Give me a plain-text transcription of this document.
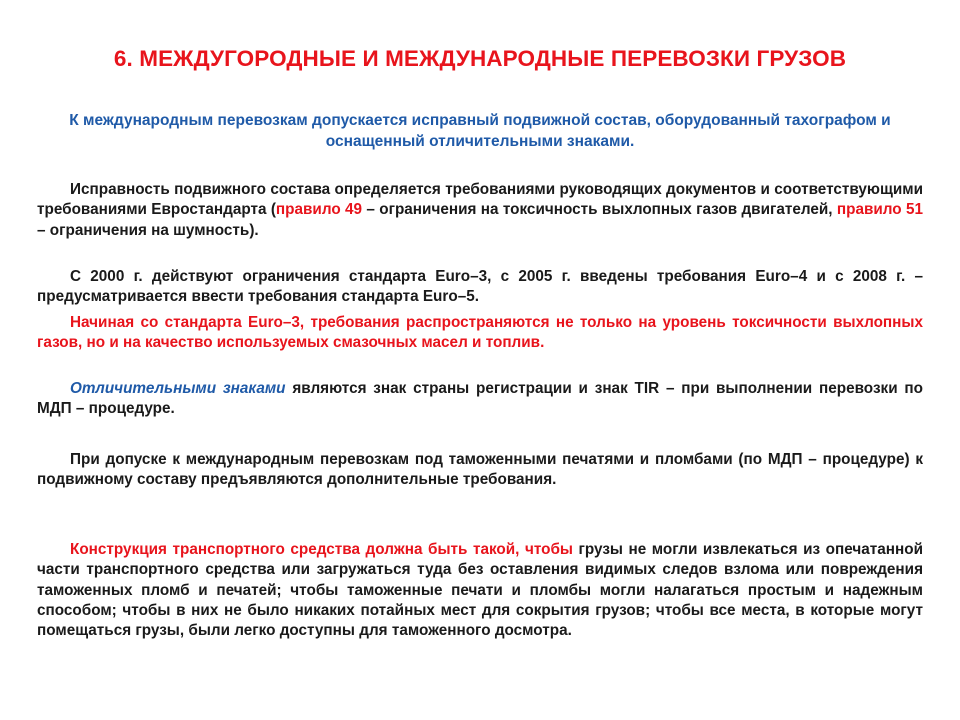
6. МЕЖДУГОРОДНЫЕ И МЕЖДУНАРОДНЫЕ ПЕРЕВОЗКИ ГРУЗОВ
К международным перевозкам допускается исправный подвижной состав, оборудованный тахографом и оснащенный отличительными знаками.
Исправность подвижного состава определяется требованиями руководящих документов и соответствующими требованиями Евростандарта (правило 49 – ограничения на токсичность выхлопных газов двигателей, правило 51 – ограничения на шумность).
С 2000 г. действуют ограничения стандарта Euro–3, с 2005 г. введены требования Euro–4 и с 2008 г. – предусматривается ввести требования стандарта Euro–5.
Начиная со стандарта Euro–3, требования распространяются не только на уровень токсичности выхлопных газов, но и на качество используемых смазочных масел и топлив.
Отличительными знаками являются знак страны регистрации и знак TIR – при выполнении перевозки по МДП – процедуре.
При допуске к международным перевозкам под таможенными печатями и пломбами (по МДП – процедуре) к подвижному составу предъявляются дополнительные требования.
Конструкция транспортного средства должна быть такой, чтобы грузы не могли извлекаться из опечатанной части транспортного средства или загружаться туда без оставления видимых следов взлома или повреждения таможенных пломб и печатей; чтобы таможенные печати и пломбы могли налагаться простым и надежным способом; чтобы в них не было никаких потайных мест для сокрытия грузов; чтобы все места, в которые могут помещаться грузы, были легко доступны для таможенного досмотра.
